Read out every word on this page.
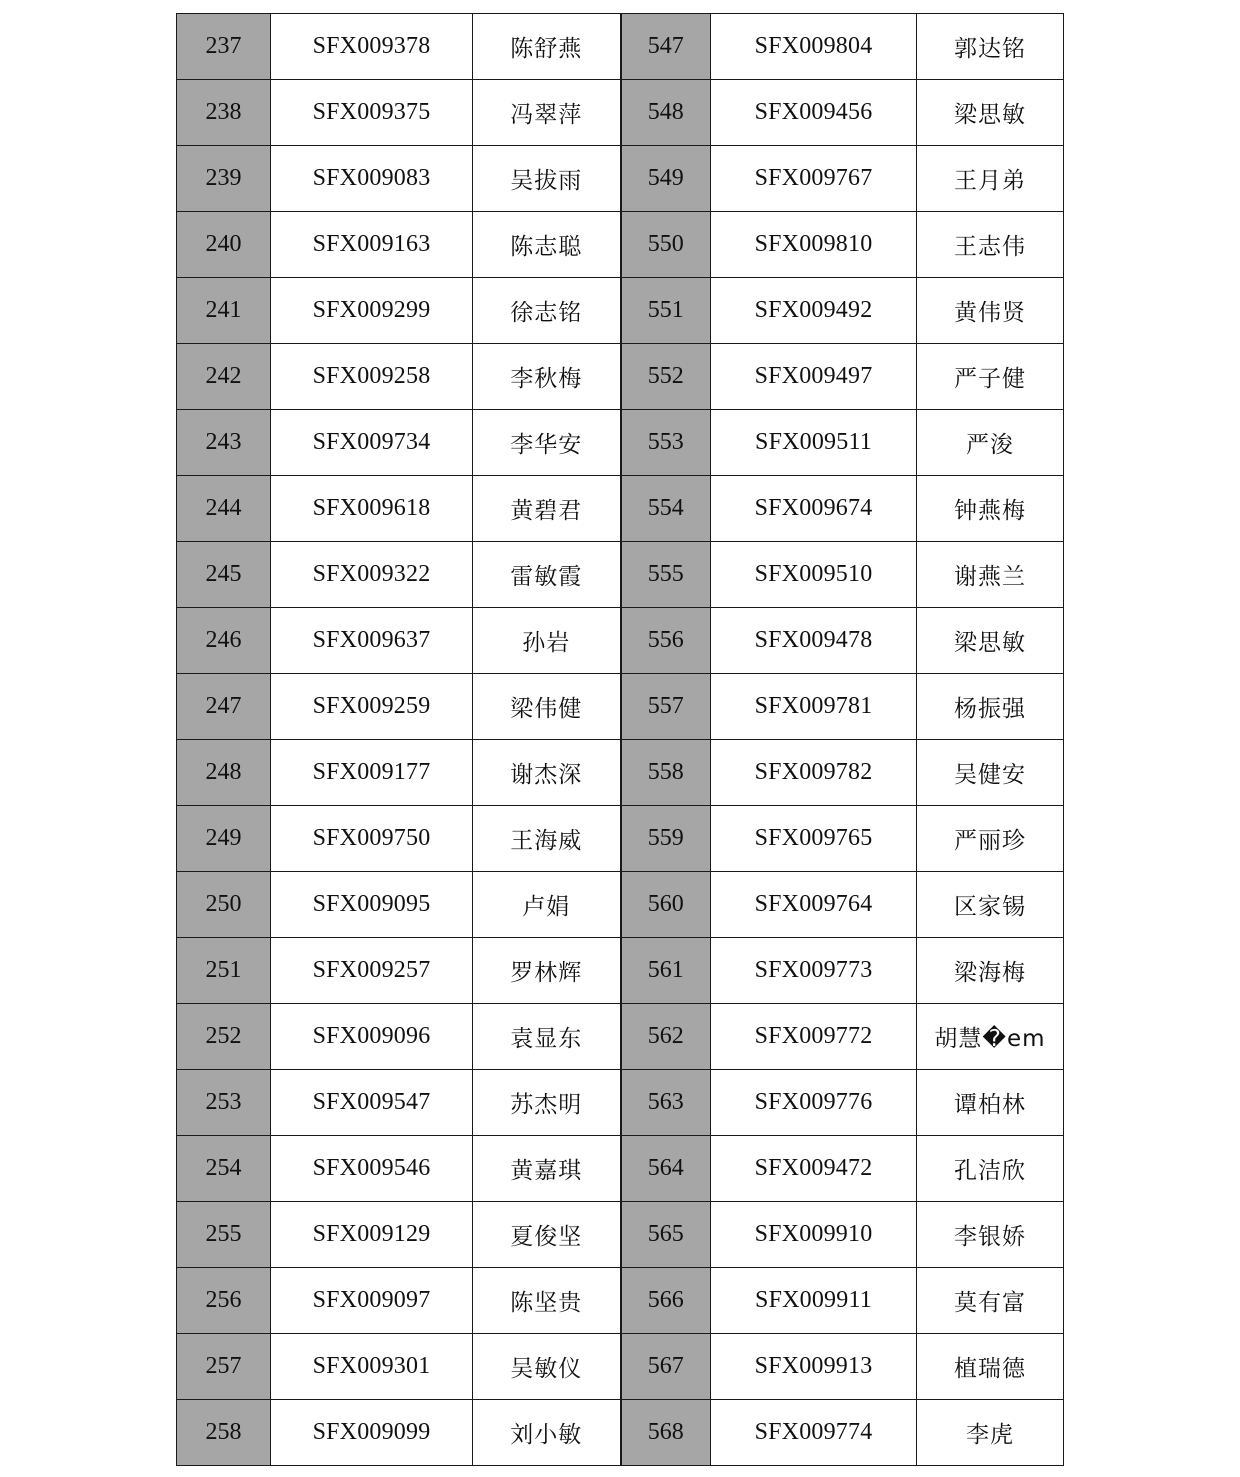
237	SFX009378	陈舒燕	547	SFX009804	郭达铭
238	SFX009375	冯翠萍	548	SFX009456	梁思敏
239	SFX009083	吴拔雨	549	SFX009767	王月弟
240	SFX009163	陈志聪	550	SFX009810	王志伟
241	SFX009299	徐志铭	551	SFX009492	黄伟贤
242	SFX009258	李秋梅	552	SFX009497	严子健
243	SFX009734	李华安	553	SFX009511	严浚
244	SFX009618	黄碧君	554	SFX009674	钟燕梅
245	SFX009322	雷敏霞	555	SFX009510	谢燕兰
246	SFX009637	孙岩	556	SFX009478	梁思敏
247	SFX009259	梁伟健	557	SFX009781	杨振强
248	SFX009177	谢杰深	558	SFX009782	吴健安
249	SFX009750	王海威	559	SFX009765	严丽珍
250	SFX009095	卢娟	560	SFX009764	区家锡
251	SFX009257	罗林辉	561	SFX009773	梁海梅
252	SFX009096	袁显东	562	SFX009772	胡慧�em
253	SFX009547	苏杰明	563	SFX009776	谭柏林
254	SFX009546	黄嘉琪	564	SFX009472	孔洁欣
255	SFX009129	夏俊坚	565	SFX009910	李银娇
256	SFX009097	陈坚贵	566	SFX009911	莫有富
257	SFX009301	吴敏仪	567	SFX009913	植瑞德
258	SFX009099	刘小敏	568	SFX009774	李虎
